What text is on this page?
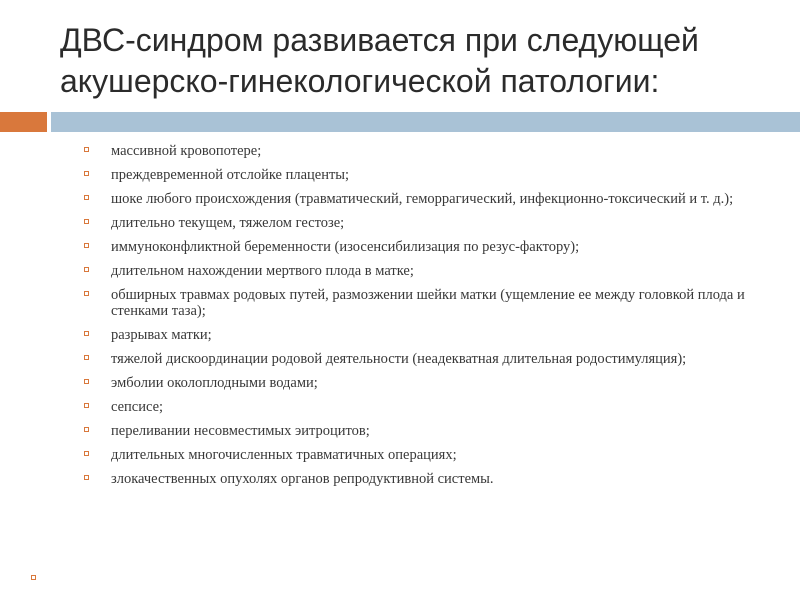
ДВС-синдром развивается при следующей
акушерско-гинекологической патологии:
массивной кровопотере;
преждевременной отслойке плаценты;
шоке любого происхождения (травматический, геморрагический, инфекционно-токсический и т. д.);
длительно текущем, тяжелом гестозе;
иммуноконфликтной беременности (изосенсибилизация по резус-фактору);
длительном нахождении мертвого плода в матке;
обширных травмах родовых путей, размозжении шейки матки (ущемление ее между головкой плода и стенками таза);
разрывах матки;
тяжелой дискоординации родовой деятельности (неадекватная длительная родостимуляция);
эмболии околоплодными водами;
сепсисе;
переливании несовместимых эитроцитов;
длительных многочисленных травматичных операциях;
злокачественных опухолях органов репродуктивной системы.
